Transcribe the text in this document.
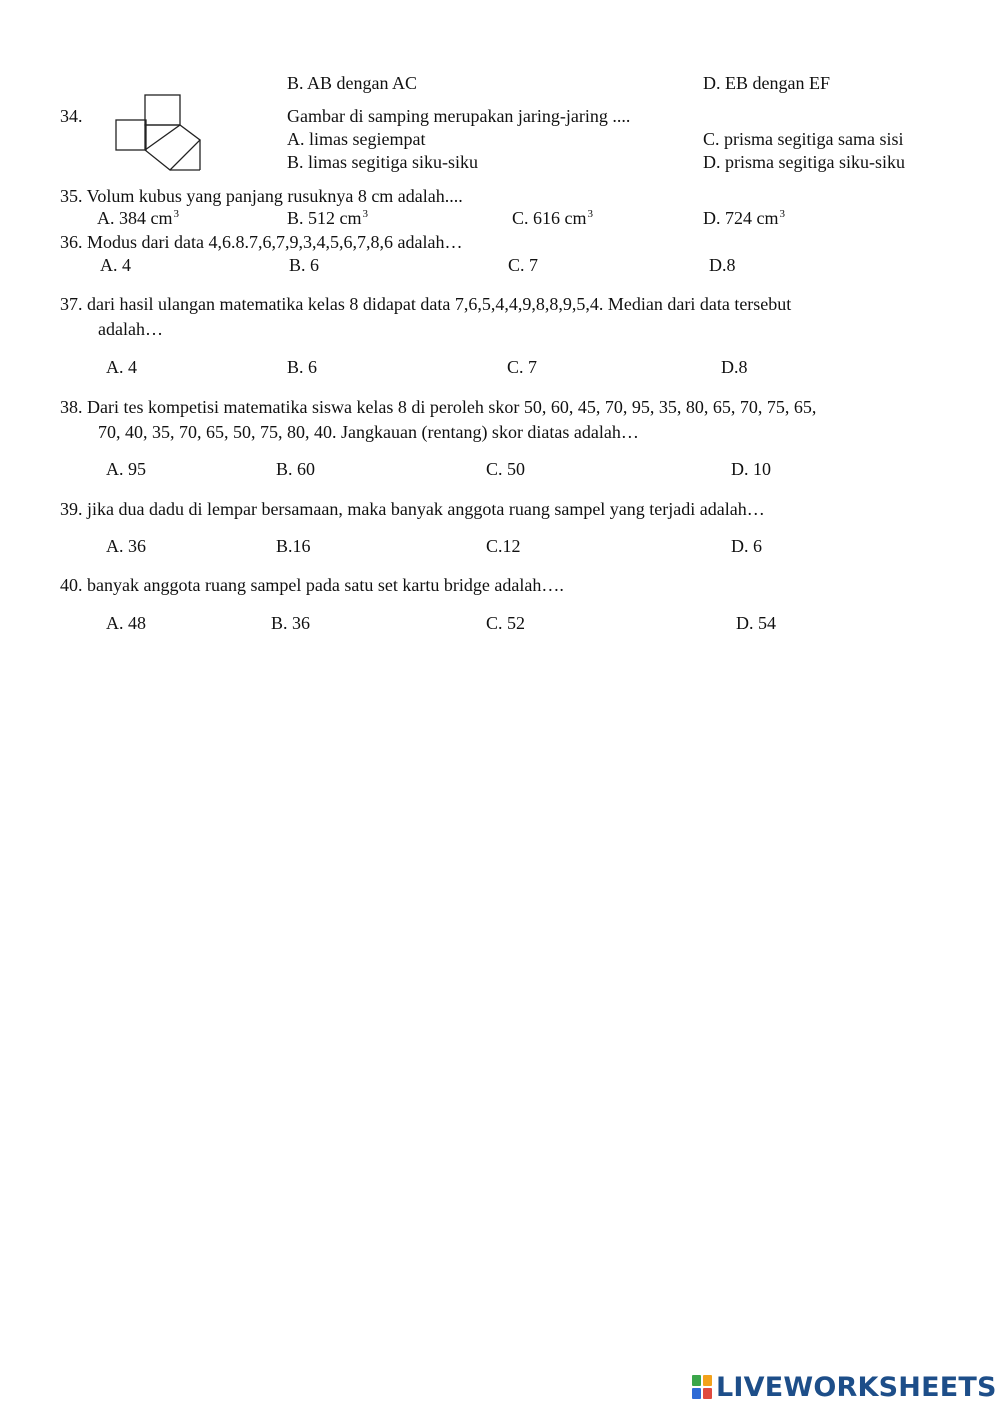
B. AB dengan AC	D. EB dengan EF
34.	Gambar di samping merupakan jaring-jaring ....
A. limas segiempat	C. prisma segitiga sama sisi
B. limas segitiga siku-siku	D. prisma segitiga siku-siku
35. Volum kubus yang panjang rusuknya 8 cm adalah....
A. 384 $cm^3$	B. 512 $cm^3$	C. 616 $cm^3$	D. 724 $cm^3$
36. Modus dari data 4,6.8.7,6,7,9,3,4,5,6,7,8,6 adalah…
A. 4	B. 6	C. 7	D.8
37. dari hasil ulangan matematika kelas 8 didapat data 7,6,5,4,4,9,8,8,9,5,4. Median dari data tersebut
adalah…
A. 4	B. 6	C. 7	D.8
38. Dari tes kompetisi matematika siswa kelas 8 di peroleh skor 50, 60, 45, 70, 95, 35, 80, 65, 70, 75, 65,
70, 40, 35, 70, 65, 50, 75, 80, 40. Jangkauan (rentang) skor diatas adalah…
A. 95	B. 60	C. 50	D. 10
39. jika dua dadu di lempar bersamaan, maka banyak anggota ruang sampel yang terjadi adalah…
A. 36	B.16	C.12	D. 6
40. banyak anggota ruang sampel pada satu set kartu bridge adalah….
A. 48	B. 36	C. 52	D. 54
LIVEWORKSHEETS
